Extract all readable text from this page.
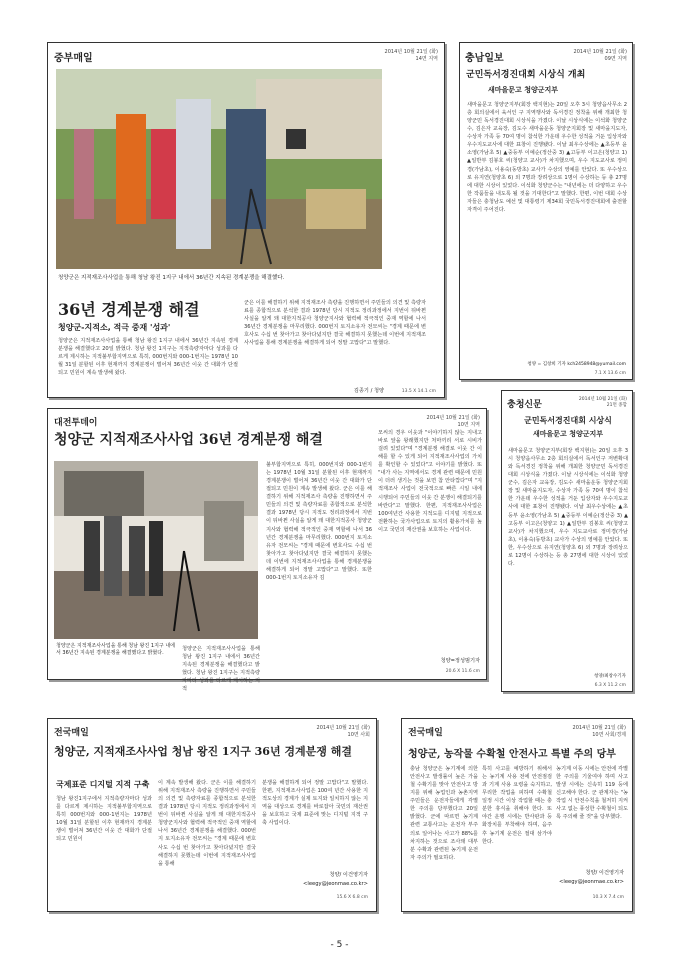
중부매일
2014년 10월 21일 (화)
14면 지역
청양군은 지적재조사사업을 통해 청남 왕진 1지구 내에서 36년간 지속된 경계분쟁을 해결했다.
36년 경계분쟁 해결
청양군-지적소, 적극 중재 '성과'
청양군은 지적재조사사업을 통해 청남 왕진 1지구 내에서 36년간 지속된 경계분쟁을 해결했다고 20일 밝혔다. 청남 왕진 1지구는 지적측량자마다 성과를 다르게 제시하는 지적불부합지역으로 특히, 000번지와 000-1번지는 1978년 10월 31일 분할된 이후 현재까지 경계분쟁이 벌어져 36년간 이웃 간 대화가 단절되고 민원이 계속 발생해 왔다.
군은 이를 해결하기 위해 지적재조사 측량을 진행하면서 주민들의 의견 및 측량자료를 종합적으로 분석한 결과 1978년 당시 지적도 정리과정에서 지번이 뒤바뀐 사실을 알게 돼 대한지적공사 청양군지사와 협력해 적극적인 중재 역할에 나서 36년간 경계분쟁을 마무리했다. 000번지 토지소유자 전모씨는 "경계 때문에 변호사도 수십 번 찾아가고 찾아다녔지만 결국 해결하지 못했는데 이번에 지적재조사사업을 통해 경계분쟁을 해결하게 되어 정말 고맙다"고 말했다.
김종기 / 청양	13.5 X 14.1 cm
충남일보
2014년 10월 21일 (화)
09면 지역
군민독서경진대회 시상식 개최
새마을문고 청양군지부
새마을문고 청양군지부(회장 백지현)는 20일 오후 3시 청양읍사무소 2층 회의실에서 육서인 구 지역행사와 독서경진 정착을 위해 개최한 청양군민 독서경진대회 시상식을 가졌다. 이날 시상식에는 이석화 청양군수, 김은자 교육장, 김도수 새마을운동 청양군지회장 및 새마을지도자, 수상자 가족 등 70여 명이 참석한 가운데 우수한 성적을 거둔 입상자와 우수지도교사에 대한 표창이 진행됐다. 이날 최우수상에는 ▲초등부 윤소영(가남초 5) ▲중등부 이예순(정산중 3) ▲고등부 이고은(청양고 1) ▲일반부 김봉호 씨(청양고 교사)가 차지했으며, 우수 지도교사로 정미경(가남초), 이용숙(동방초) 교사가 수상의 영예를 안았다. 또 우수상으로 유지연(청양초 6) 외 7명과 장려상으로 1명이 수상하는 등 총 27명에 대한 시상이 있었다. 이석화 청양군수는 "내년에는 더 다양하고 우수한 작품들을 내도록 될 것을 기대한다"고 말했다. 한편, 이번 대회 수상자들은 충청남도 예선 및 대통령기 제34회 국민독서경진대회에 출전할 자격이 주어진다.
청양 = 김창희 기자 kch2458948@yumail.com
7.1 X 13.6 cm
대전투데이	2014년 10월 21일 (화)
10면 지역
청양군 지적재조사사업 36년 경계분쟁 해결
청양군은 지적재조사사업을 통해 청남 왕진 1지구 내에서 36년간 지속된 경계분쟁을 해결했다고 밝혔다.
청양군은 지적재조사사업을 통해 청남 왕진 1지구 내에서 36년간 지속된 경계분쟁을 해결했다고 밝혔다. 청남 왕진 1지구는 지적측량자마다 성과를 다르게 제시하는 지적
불부합지역으로 특히, 000번지와 000-1번지는 1978년 10월 31일 분할된 이후 현재까지 경계분쟁이 벌어져 36년간 이웃 간 대화가 단절되고 민원이 계속 발생해 왔다. 군은 이를 해결하기 위해 지적재조사 측량을 진행하면서 주민들의 의견 및 측량자료를 종합적으로 분석한 결과 1978년 당시 지적도 정리과정에서 지번이 뒤바뀐 사실을 알게 돼 대한지적공사 청양군지사와 협력해 적극적인 중재 역할에 나서 36년간 경계분쟁을 마무리했다. 000번지 토지소유자 전모씨는 "경계 때문에 변호사도 수십 번 찾아가고 찾아다녔지만 결국 해결하지 못했는데 이번에 지적재조사사업을 통해 경계분쟁을 해결하게 되어 정말 고맙다"고 말했다. 또한 000-1번지 토지소유자 김
모씨의 경우 이웃과 "이야기하지 않는 지내고 바로 앞을 왕래했지만 처마끼리 서로 시비가 걸려 있었다"며 "경계분쟁 해결로 이웃 간 이해를 할 수 있게 되어 지적재조사사업의 가치를 확인할 수 있었다"고 이야기를 밝혔다. 또 "내가 사는 지역에서도 경계 관련 때문에 민원이 더러 생기는 것을 보면 참 안타깝다"며 "지적재조사 사업이 전국적으로 빠른 시일 내에 시행되어 주민들의 이웃 간 분쟁이 해결되기를 바란다"고 말했다. 한편, 지적재조사사업은 100여년간 사용한 지적도를 디지털 지적으로 전환하는 국가사업으로 토지의 활용가치를 높이고 국민의 재산권을 보호하는 사업이다.
청양=정성범기자
20.6 X 11.6 cm
충청신문
2014년 10월 21일 (화)
21면 종합
군민독서경진대회 시상식
새마을문고 청양군지부
새마을문고 청양군지부(회장 백지현)는 20일 오후 3시 청양읍사무소 2층 회의실에서 독서인구 저변확대와 독서경진 정착을 위해 개최한 청양군민 독서경진대회 시상식을 가졌다. 이날 시상식에는 이석화 청양군수, 김은자 교육장, 김도수 새마을운동 청양군지회장 및 새마을지도자, 수상자 가족 등 70여 명이 참석한 가운데 우수한 성적을 거둔 입상자와 우수지도교사에 대한 표창이 진행됐다. 이날 최우수상에는 ▲초등부 윤소영(가남초 5) ▲중등부 이예순(정산중 3) ▲고등부 이고은(청양고 1) ▲일반부 김봉호 씨(청양고 교사)가 차지했으며, 우수 지도교사로 정미경(가남초), 이용숙(동방초) 교사가 수상의 영예를 안았다. 또한, 우수상으로 유지연(청양초 6) 외 7명과 장려상으로 12명이 수상하는 등 총 27명에 대한 시상이 있었다.
청양/최창수기자
6.3 X 11.2 cm
전국매일	2014년 10월 21일 (화)
10면 사회
청양군, 지적재조사사업 청남 왕진 1지구 36년 경계분쟁 해결
국제표준 디지털 지적 구축
청남 왕진1지구에서 지적측량자마다 성과를 다르게 제시하는 지적불부합지역으로 특히 000번지와 000-1번지는 1978년 10월 31일 분할된 이후 현재까지 경계분쟁이 벌어져 36년간 이웃 간 대화가 단절되고 민원이
이 계속 발생해 왔다. 군은 이를 해결하기 위해 지적재조사 측량을 진행하면서 주민들의 의견 및 측량자료를 종합적으로 분석한 결과 1978년 당시 지적도 정리과정에서 지번이 뒤바뀐 사실을 알게 돼 대한지적공사 청양군지사와 협력해 적극적인 중재 역할에 나서 36년간 경계분쟁을 해결했다. 000번지 토지소유자 전모씨는 "경계 때문에 변호사도 수십 번 찾아가고 찾아다녔지만 결국 해결하지 못했는데 이번에 지적재조사사업을 통해
분쟁을 해결하게 되어 정말 고맙다"고 말했다. 한편, 지적재조사사업은 100여 년간 사용한 지적도상의 경계가 실제 토지와 일치하지 않는 지역을 대상으로 경계를 바로잡아 국민의 재산권을 보호하고 국제 표준에 맞는 디지털 지적 구축 사업이다.
청양/ 이건영기자
<leegy@jeonmae.co.kr>
15.6 X 6.8 cm
전국매일	2014년 10월 21일 (화)
10면 사회/경제
청양군, 농작물 수확철 안전사고 특별 주의 당부
충남 청양군은 농기계에 의한 안전사고 발생률이 높은 가을철 수확기를 맞아 안전사고 방지를 위해 농업인과 농촌지역 주민들은 운전자들에게 각별한 주의를 당부했다고 20일 밝혔다. 군에 따르면 농기계 관련 교통사고는 운전자 부주의로 일어나는 사고가 88%를 차지하는 것으로 조사돼 대부분 수확과 관련된 농기계 운전자 주의가 필요하다.
특히 사고를 예방하기 위해서는 농기계 사용 전에 안전점검과 기계 사용 요령을 숙지하고, 무리한 작업을 피하며 수확철 일정 시간 이상 작업할 때는 충분한 휴식을 취해야 한다. 또 야간 운행 시에는 반사판과 등화장치를 부착해야 하며, 음주 후 농기계 운전은 절대 삼가야 한다.
농기계 이동 시에는 안전에 각별한 주의를 기울여야 하며 사고 발생 시에는 신속히 119 등에 신고해야 한다. 군 관계자는 "농작업 시 안전수칙을 철저히 지켜 사고 없는 풍성한 수확철이 되도록 주의해 줄 것"을 당부했다.
청양/ 이건영기자
<leegy@jeonmae.co.kr>
10.3 X 7.4 cm
- 5 -
